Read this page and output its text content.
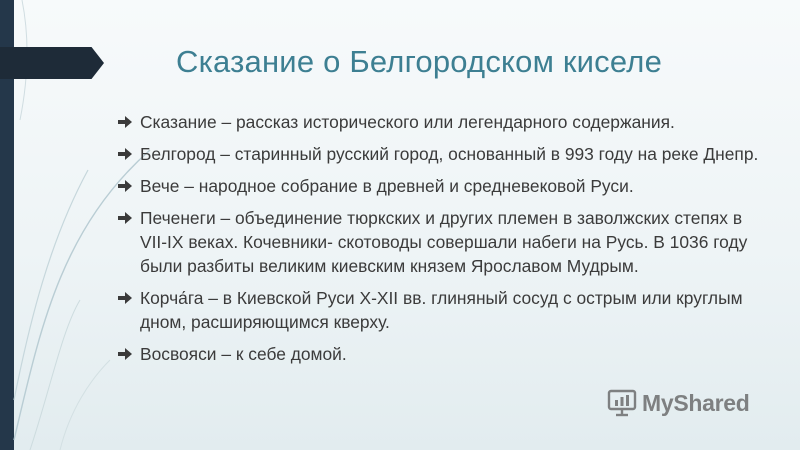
Сказание о Белгородском киселе
Сказание – рассказ исторического или легендарного содержания.
Белгород – старинный русский город, основанный в 993 году на реке Днепр.
Вече – народное собрание в древней и средневековой Руси.
Печенеги – объединение тюркских и других племен в заволжских степях в VII-IX веках. Кочевники- скотоводы совершали набеги на Русь. В 1036 году были разбиты великим киевским князем Ярославом Мудрым.
Корча́га – в Киевской Руси X-XII вв. глиняный сосуд с острым или круглым дном, расширяющимся кверху.
Восвояси – к себе домой.
MyShared
